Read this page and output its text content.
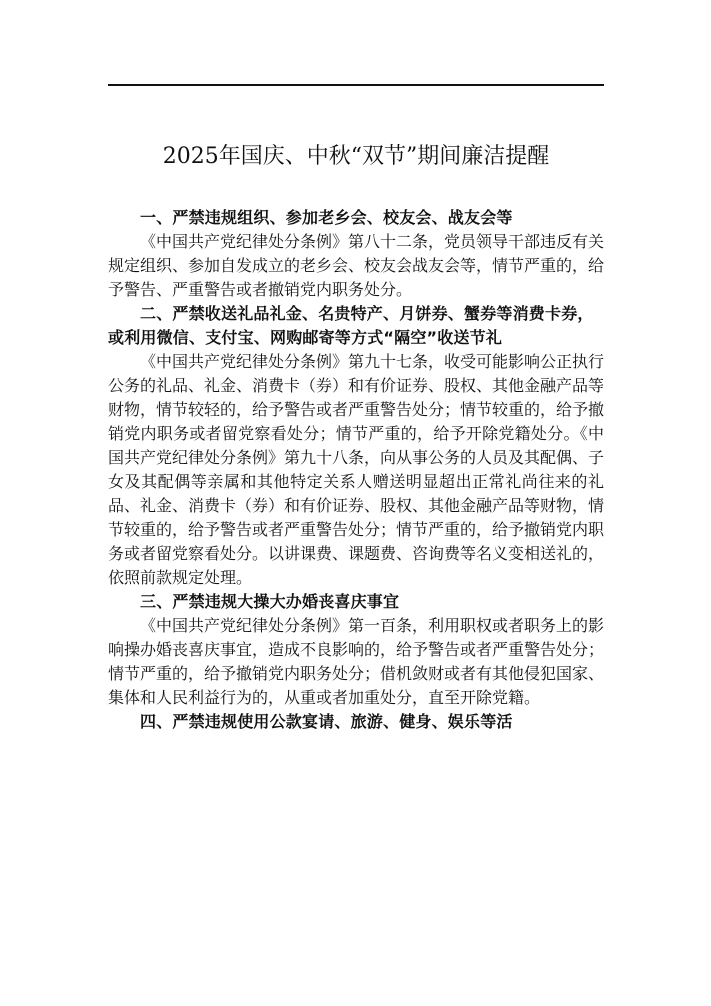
2025年国庆、中秋“双节”期间廉洁提醒

一、严禁违规组织、参加老乡会、校友会、战友会等

《中国共产党纪律处分条例》第八十二条，党员领导干部违反有关规定组织、参加自发成立的老乡会、校友会战友会等，情节严重的，给予警告、严重警告或者撤销党内职务处分。

二、严禁收送礼品礼金、名贵特产、月饼券、蟹券等消费卡券，或利用微信、支付宝、网购邮寄等方式“隔空”收送节礼

《中国共产党纪律处分条例》第九十七条，收受可能影响公正执行公务的礼品、礼金、消费卡（券）和有价证券、股权、其他金融产品等财物，情节较轻的，给予警告或者严重警告处分；情节较重的，给予撤销党内职务或者留党察看处分；情节严重的，给予开除党籍处分。《中国共产党纪律处分条例》第九十八条，向从事公务的人员及其配偶、子女及其配偶等亲属和其他特定关系人赠送明显超出正常礼尚往来的礼品、礼金、消费卡（券）和有价证券、股权、其他金融产品等财物，情节较重的，给予警告或者严重警告处分；情节严重的，给予撤销党内职务或者留党察看处分。以讲课费、课题费、咨询费等名义变相送礼的，依照前款规定处理。

三、严禁违规大操大办婚丧喜庆事宜

《中国共产党纪律处分条例》第一百条，利用职权或者职务上的影响操办婚丧喜庆事宜，造成不良影响的，给予警告或者严重警告处分；情节严重的，给予撤销党内职务处分；借机敛财或者有其他侵犯国家、集体和人民利益行为的，从重或者加重处分，直至开除党籍。

四、严禁违规使用公款宴请、旅游、健身、娱乐等活
